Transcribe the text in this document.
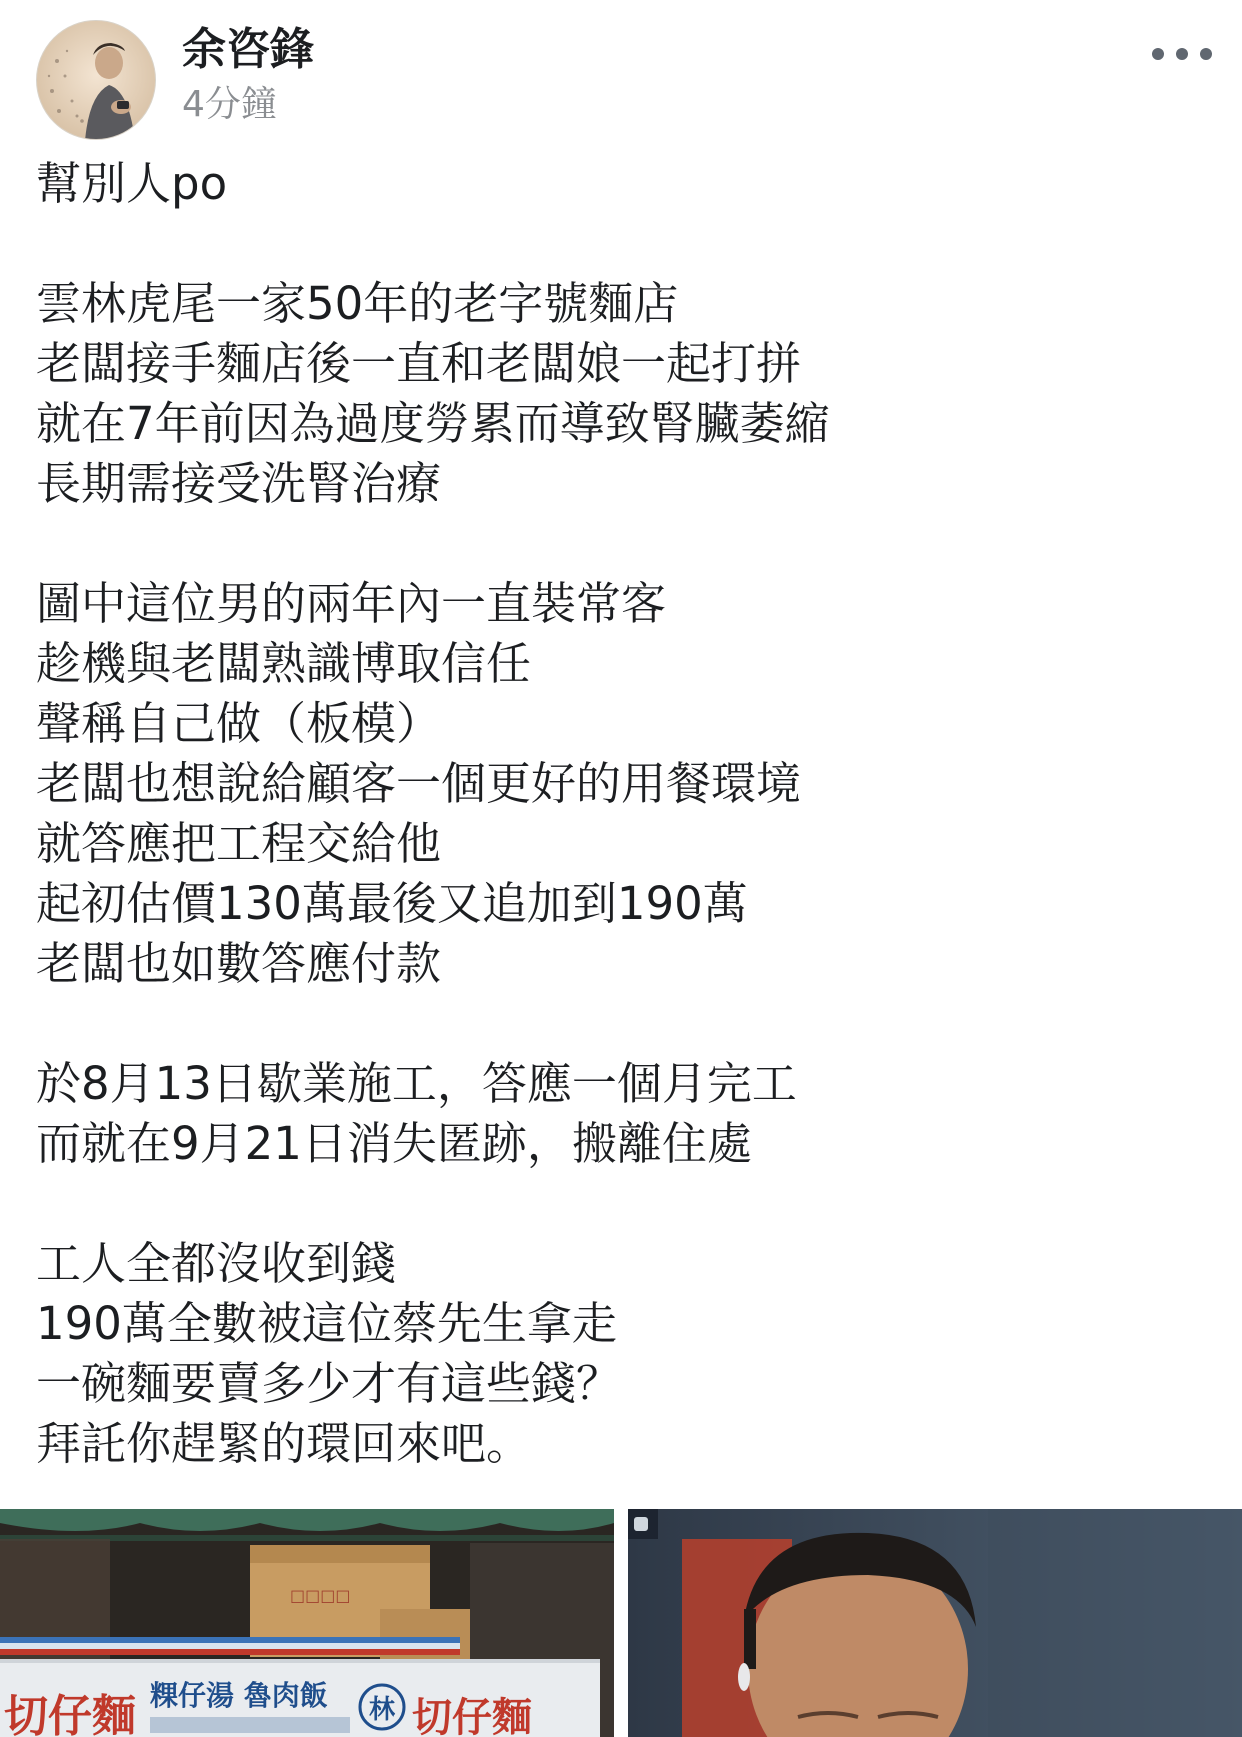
余咨鋒
4分鐘
幫別人po
雲林虎尾一家50年的老字號麵店
老闆接手麵店後一直和老闆娘一起打拼
就在7年前因為過度勞累而導致腎臟萎縮
長期需接受洗腎治療
圖中這位男的兩年內一直裝常客
趁機與老闆熟識博取信任
聲稱自己做（板模）
老闆也想說給顧客一個更好的用餐環境
就答應把工程交給他
起初估價130萬最後又追加到190萬
老闆也如數答應付款
於8月13日歇業施工，答應一個月完工
而就在9月21日消失匿跡，搬離住處
工人全都沒收到錢
190萬全數被這位蔡先生拿走
一碗麵要賣多少才有這些錢？
拜託你趕緊的環回來吧。
□□□□
切仔麵 粿仔湯 魯肉飯 林 切仔麵
